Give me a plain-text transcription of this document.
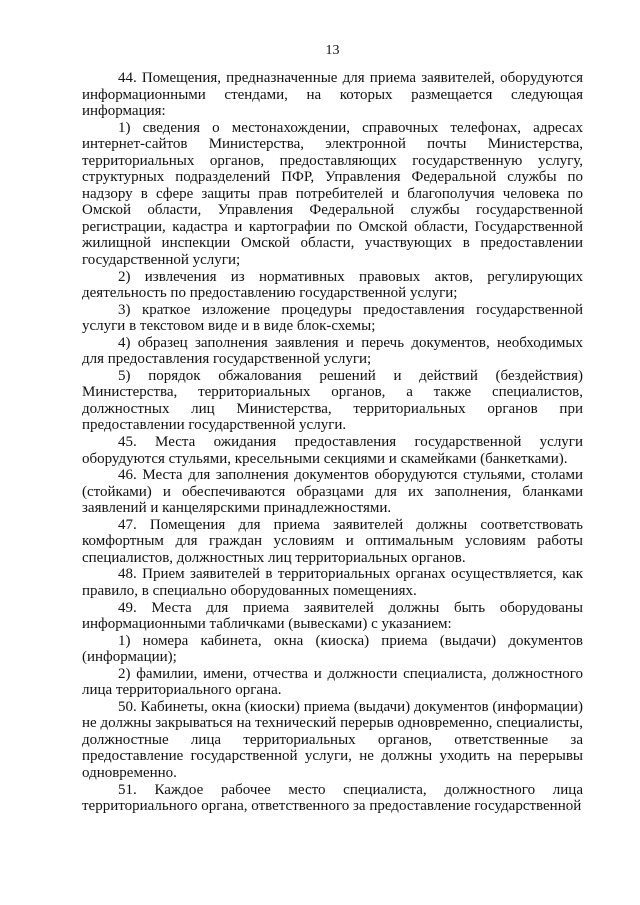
13

44. Помещения, предназначенные для приема заявителей, оборудуются информационными стендами, на которых размещается следующая информация:

1) сведения о местонахождении, справочных телефонах, адресах интернет-сайтов Министерства, электронной почты Министерства, территориальных органов, предоставляющих государственную услугу, структурных подразделений ПФР, Управления Федеральной службы по надзору в сфере защиты прав потребителей и благополучия человека по Омской области, Управления Федеральной службы государственной регистрации, кадастра и картографии по Омской области, Государственной жилищной инспекции Омской области, участвующих в предоставлении государственной услуги;

2) извлечения из нормативных правовых актов, регулирующих деятельность по предоставлению государственной услуги;

3) краткое изложение процедуры предоставления государственной услуги в текстовом виде и в виде блок-схемы;

4) образец заполнения заявления и перечь документов, необходимых для предоставления государственной услуги;

5) порядок обжалования решений и действий (бездействия) Министерства, территориальных органов, а также специалистов, должностных лиц Министерства, территориальных органов при предоставлении государственной услуги.

45. Места ожидания предоставления государственной услуги оборудуются стульями, кресельными секциями и скамейками (банкетками).

46. Места для заполнения документов оборудуются стульями, столами (стойками) и обеспечиваются образцами для их заполнения, бланками заявлений и канцелярскими принадлежностями.

47. Помещения для приема заявителей должны соответствовать комфортным для граждан условиям и оптимальным условиям работы специалистов, должностных лиц территориальных органов.

48. Прием заявителей в территориальных органах осуществляется, как правило, в специально оборудованных помещениях.

49. Места для приема заявителей должны быть оборудованы информационными табличками (вывесками) с указанием:

1) номера кабинета, окна (киоска) приема (выдачи) документов (информации);

2) фамилии, имени, отчества и должности специалиста, должностного лица территориального органа.

50. Кабинеты, окна (киоски) приема (выдачи) документов (информации) не должны закрываться на технический перерыв одновременно, специалисты, должностные лица территориальных органов, ответственные за предоставление государственной услуги, не должны уходить на перерывы одновременно.

51. Каждое рабочее место специалиста, должностного лица территориального органа, ответственного за предоставление государственной
